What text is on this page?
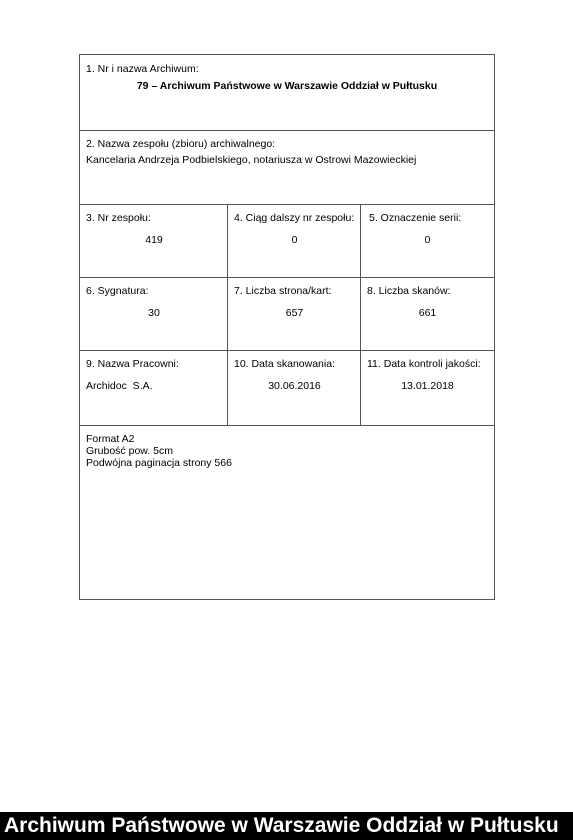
1. Nr i nazwa Archiwum:
79 – Archiwum Państwowe w Warszawie Oddział w Pułtusku
2. Nazwa zespołu (zbioru) archiwalnego:
Kancelaria Andrzeja Podbielskiego, notariusza w Ostrowi Mazowieckiej
3. Nr zespołu:
419
4. Ciąg dalszy nr zespołu:
0
5. Oznaczenie serii:
0
6. Sygnatura:
30
7. Liczba strona/kart:
657
8. Liczba skanów:
661
9. Nazwa Pracowni:
Archidoc  S.A.
10. Data skanowania:
30.06.2016
11. Data kontroli jakości:
13.01.2018
Format A2
Grubość pow. 5cm
Podwójna paginacja strony 566
Archiwum Państwowe w Warszawie Oddział w Pułtusku
